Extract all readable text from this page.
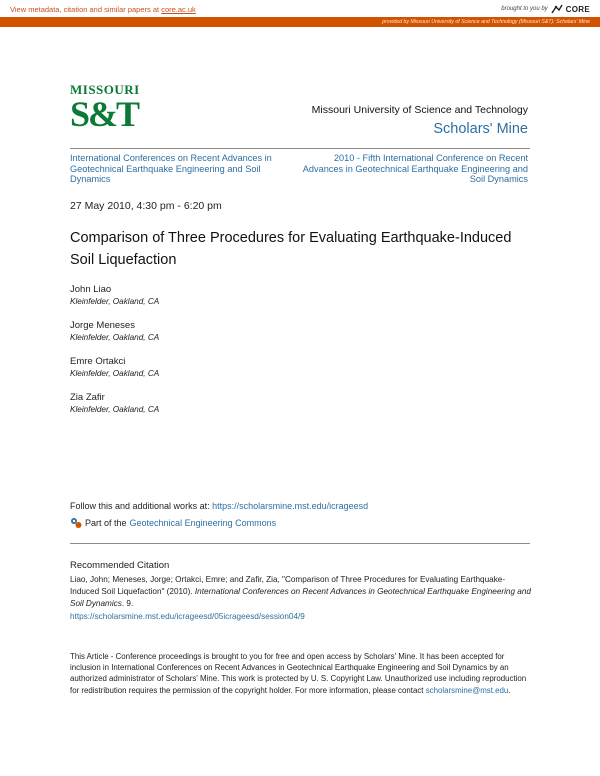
View metadata, citation and similar papers at core.ac.uk	brought to you by CORE
provided by Missouri University of Science and Technology (Missouri S&T): Scholars' Mine
MISSOURI
S&T	Missouri University of Science and Technology
Scholars' Mine
International Conferences on Recent Advances in Geotechnical Earthquake Engineering and Soil Dynamics
2010 - Fifth International Conference on Recent Advances in Geotechnical Earthquake Engineering and Soil Dynamics
27 May 2010, 4:30 pm - 6:20 pm
Comparison of Three Procedures for Evaluating Earthquake-Induced Soil Liquefaction
John Liao
Kleinfelder, Oakland, CA
Jorge Meneses
Kleinfelder, Oakland, CA
Emre Ortakci
Kleinfelder, Oakland, CA
Zia Zafir
Kleinfelder, Oakland, CA
Follow this and additional works at: https://scholarsmine.mst.edu/icrageesd
Part of the Geotechnical Engineering Commons
Recommended Citation
Liao, John; Meneses, Jorge; Ortakci, Emre; and Zafir, Zia, "Comparison of Three Procedures for Evaluating Earthquake-Induced Soil Liquefaction" (2010). International Conferences on Recent Advances in Geotechnical Earthquake Engineering and Soil Dynamics. 9.
https://scholarsmine.mst.edu/icrageesd/05icrageesd/session04/9
This Article - Conference proceedings is brought to you for free and open access by Scholars' Mine. It has been accepted for inclusion in International Conferences on Recent Advances in Geotechnical Earthquake Engineering and Soil Dynamics by an authorized administrator of Scholars' Mine. This work is protected by U. S. Copyright Law. Unauthorized use including reproduction for redistribution requires the permission of the copyright holder. For more information, please contact scholarsmine@mst.edu.
